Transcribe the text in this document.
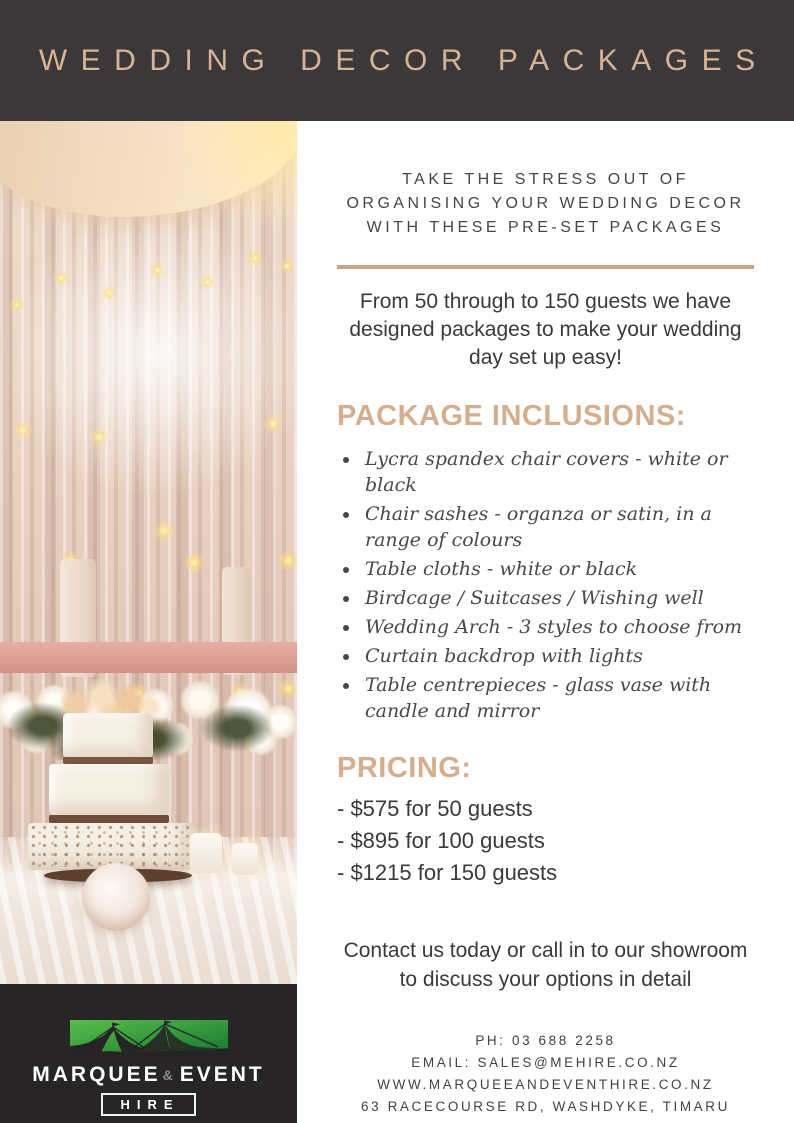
WEDDING DECOR PACKAGES
MARQUEE & EVENT
HIRE

TAKE THE STRESS OUT OF ORGANISING YOUR WEDDING DECOR WITH THESE PRE-SET PACKAGES

From 50 through to 150 guests we have designed packages to make your wedding day set up easy!

PACKAGE INCLUSIONS:
• Lycra spandex chair covers - white or black
• Chair sashes - organza or satin, in a range of colours
• Table cloths - white or black
• Birdcage / Suitcases / Wishing well
• Wedding Arch - 3 styles to choose from
• Curtain backdrop with lights
• Table centrepieces - glass vase with candle and mirror
PRICING:

- $575 for 50 guests

- $895 for 100 guests

- $1215 for 150 guests

Contact us today or call in to our showroom to discuss your options in detail

PH: 03 688 2258

EMAIL: SALES@MEHIRE.CO.NZ

WWW.MARQUEEANDEVENTHIRE.CO.NZ

63 RACECOURSE RD, WASHDYKE, TIMARU
